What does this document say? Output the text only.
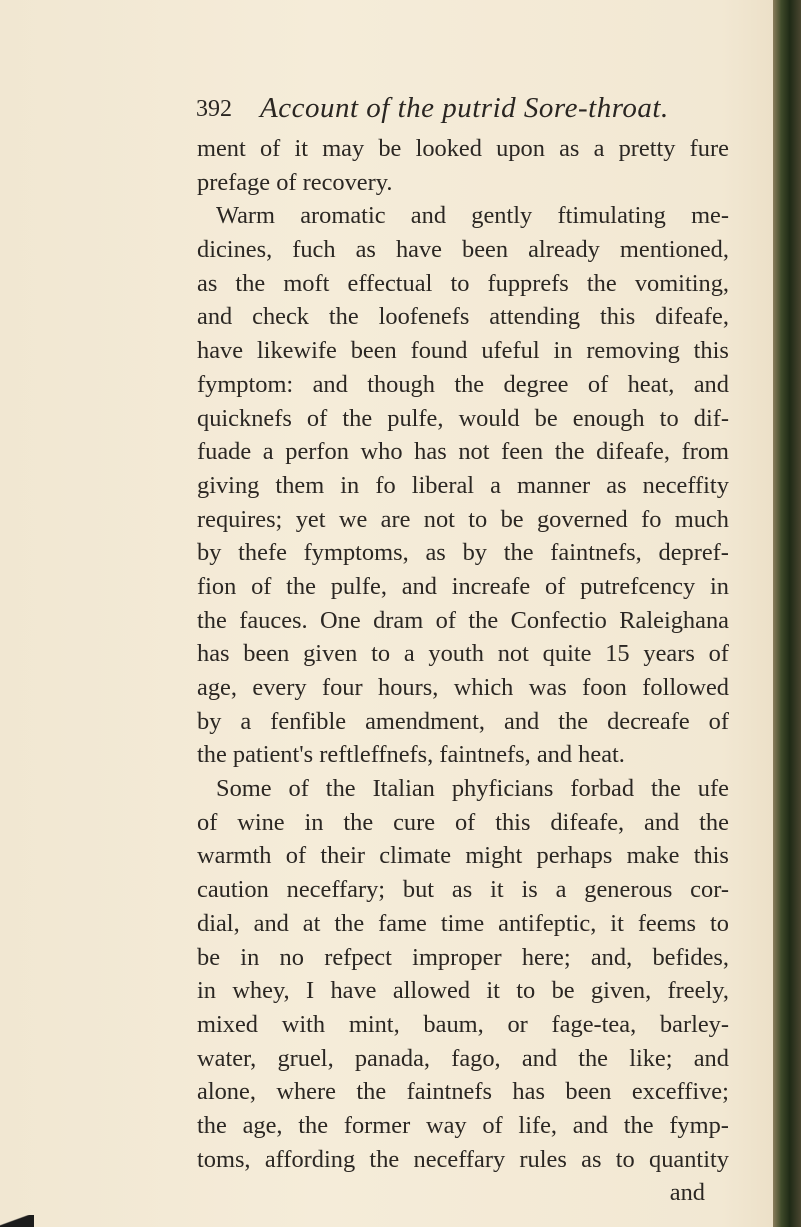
392 Account of the putrid Sore-throat.
ment of it may be looked upon as a pretty fure
prefage of recovery.
Warm aromatic and gently ftimulating me-
dicines, fuch as have been already mentioned,
as the moft effectual to fupprefs the vomiting,
and check the loofenefs attending this difeafe,
have likewife been found ufeful in removing this
fymptom: and though the degree of heat, and
quicknefs of the pulfe, would be enough to dif-
fuade a perfon who has not feen the difeafe, from
giving them in fo liberal a manner as neceffity
requires; yet we are not to be governed fo much
by thefe fymptoms, as by the faintnefs, depref-
fion of the pulfe, and increafe of putrefcency in
the fauces. One dram of the Confectio Raleighana
has been given to a youth not quite 15 years of
age, every four hours, which was foon followed
by a fenfible amendment, and the decreafe of
the patient's reftleffnefs, faintnefs, and heat.
Some of the Italian phyficians forbad the ufe
of wine in the cure of this difeafe, and the
warmth of their climate might perhaps make this
caution neceffary; but as it is a generous cor-
dial, and at the fame time antifeptic, it feems to
be in no refpect improper here; and, befides,
in whey, I have allowed it to be given, freely,
mixed with mint, baum, or fage-tea, barley-
water, gruel, panada, fago, and the like; and
alone, where the faintnefs has been exceffive;
the age, the former way of life, and the fymp-
toms, affording the neceffary rules as to quantity
and
